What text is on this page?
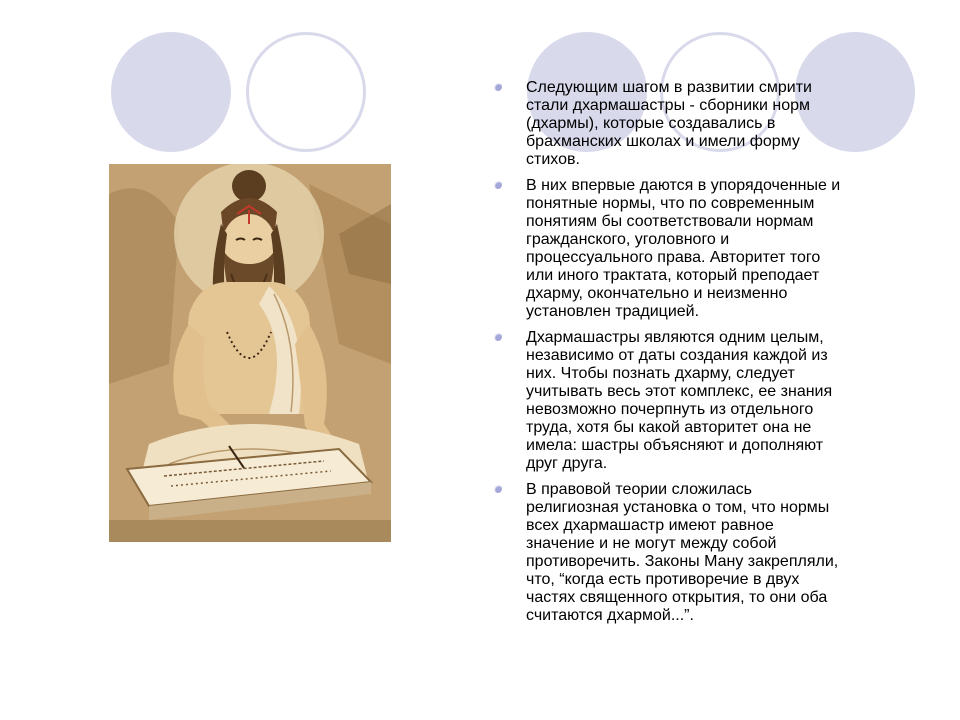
Следующим шагом в развитии смрити
стали дхармашастры - сборники норм
(дхармы), которые создавались в
брахманских школах и имели форму
стихов.
В них впервые даются в упорядоченные и
понятные нормы, что по современным
понятиям бы соответствовали нормам
гражданского, уголовного и
процессуального права. Авторитет того
или иного трактата, который преподает
дхарму, окончательно и неизменно
установлен традицией.
Дхармашастры являются одним целым,
независимо от даты создания каждой из
них. Чтобы познать дхарму, следует
учитывать весь этот комплекс, ее знания
невозможно почерпнуть из отдельного
труда, хотя бы какой авторитет она не
имела: шастры объясняют и дополняют
друг друга.
В правовой теории сложилась
религиозная установка о том, что нормы
всех дхармашастр имеют равное
значение и не могут между собой
противоречить. Законы Ману закрепляли,
что, “когда есть противоречие в двух
частях священного открытия, то они оба
считаются дхармой...”.
